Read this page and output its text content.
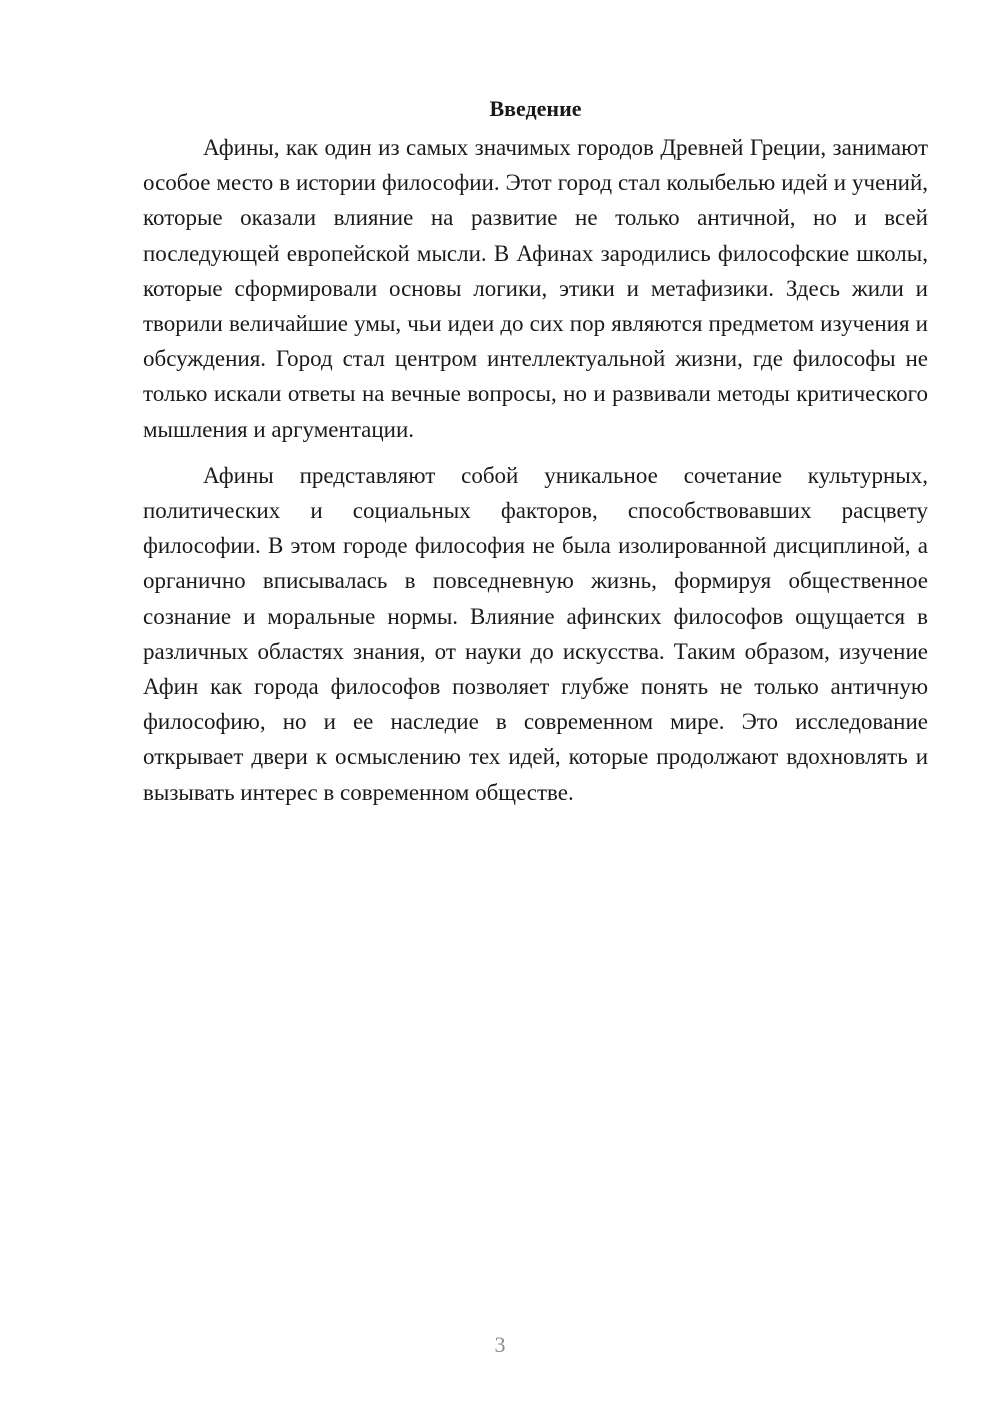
Введение

Афины, как один из самых значимых городов Древней Греции, занимают особое место в истории философии. Этот город стал колыбелью идей и учений, которые оказали влияние на развитие не только античной, но и всей последующей европейской мысли. В Афинах зародились философские школы, которые сформировали основы логики, этики и метафизики. Здесь жили и творили величайшие умы, чьи идеи до сих пор являются предметом изучения и обсуждения. Город стал центром интеллектуальной жизни, где философы не только искали ответы на вечные вопросы, но и развивали методы критического мышления и аргументации.

Афины представляют собой уникальное сочетание культурных, политических и социальных факторов, способствовавших расцвету философии. В этом городе философия не была изолированной дисциплиной, а органично вписывалась в повседневную жизнь, формируя общественное сознание и моральные нормы. Влияние афинских философов ощущается в различных областях знания, от науки до искусства. Таким образом, изучение Афин как города философов позволяет глубже понять не только античную философию, но и ее наследие в современном мире. Это исследование открывает двери к осмыслению тех идей, которые продолжают вдохновлять и вызывать интерес в современном обществе.

3
